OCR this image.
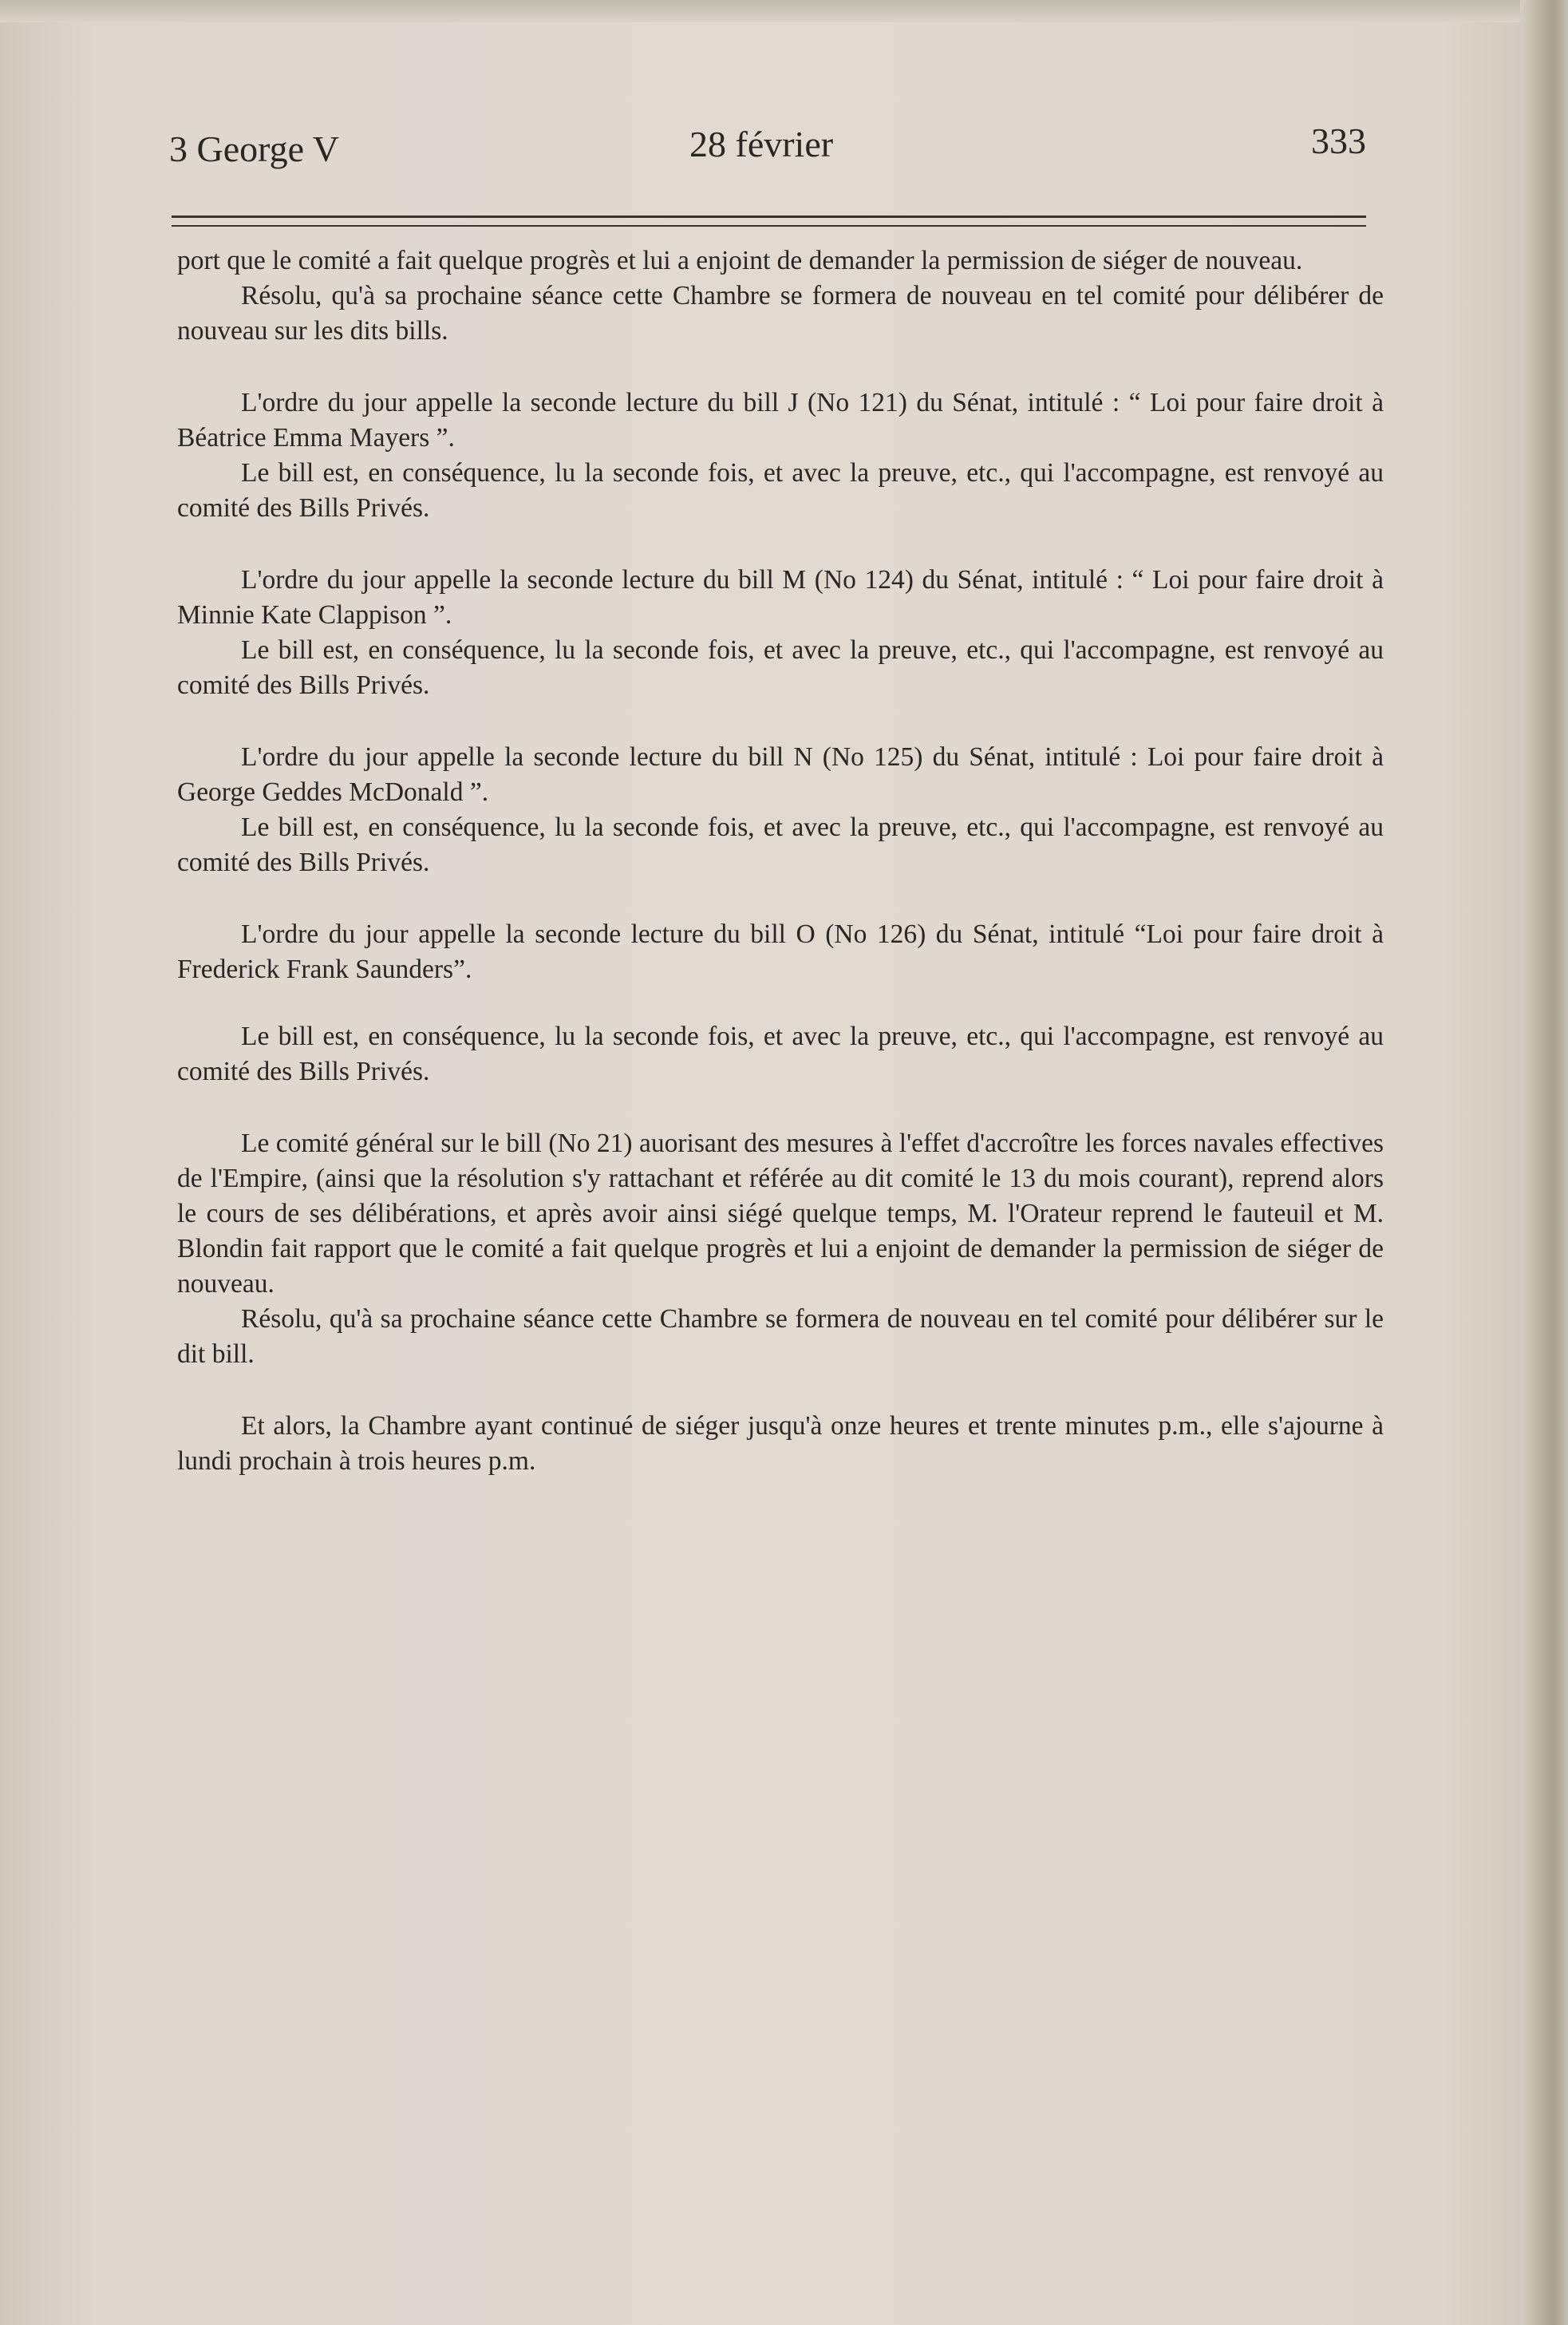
3 George V	28 février	333

port que le comité a fait quelque progrès et lui a enjoint de demander la permission de siéger de nouveau.

Résolu, qu'à sa prochaine séance cette Chambre se formera de nouveau en tel comité pour délibérer de nouveau sur les dits bills.

L'ordre du jour appelle la seconde lecture du bill J (No 121) du Sénat, intitulé : “ Loi pour faire droit à Béatrice Emma Mayers ”.

Le bill est, en conséquence, lu la seconde fois, et avec la preuve, etc., qui l'accompagne, est renvoyé au comité des Bills Privés.

L'ordre du jour appelle la seconde lecture du bill M (No 124) du Sénat, intitulé : “ Loi pour faire droit à Minnie Kate Clappison ”.

Le bill est, en conséquence, lu la seconde fois, et avec la preuve, etc., qui l'accompagne, est renvoyé au comité des Bills Privés.

L'ordre du jour appelle la seconde lecture du bill N (No 125) du Sénat, intitulé : Loi pour faire droit à George Geddes McDonald ”.

Le bill est, en conséquence, lu la seconde fois, et avec la preuve, etc., qui l'accompagne, est renvoyé au comité des Bills Privés.

L'ordre du jour appelle la seconde lecture du bill O (No 126) du Sénat, intitulé “Loi pour faire droit à Frederick Frank Saunders”.

Le bill est, en conséquence, lu la seconde fois, et avec la preuve, etc., qui l'accompagne, est renvoyé au comité des Bills Privés.

Le comité général sur le bill (No 21) auorisant des mesures à l'effet d'accroître les forces navales effectives de l'Empire, (ainsi que la résolution s'y rattachant et référée au dit comité le 13 du mois courant), reprend alors le cours de ses délibérations, et après avoir ainsi siégé quelque temps, M. l'Orateur reprend le fauteuil et M. Blondin fait rapport que le comité a fait quelque progrès et lui a enjoint de demander la permission de siéger de nouveau.

Résolu, qu'à sa prochaine séance cette Chambre se formera de nouveau en tel comité pour délibérer sur le dit bill.

Et alors, la Chambre ayant continué de siéger jusqu'à onze heures et trente minutes p.m., elle s'ajourne à lundi prochain à trois heures p.m.
